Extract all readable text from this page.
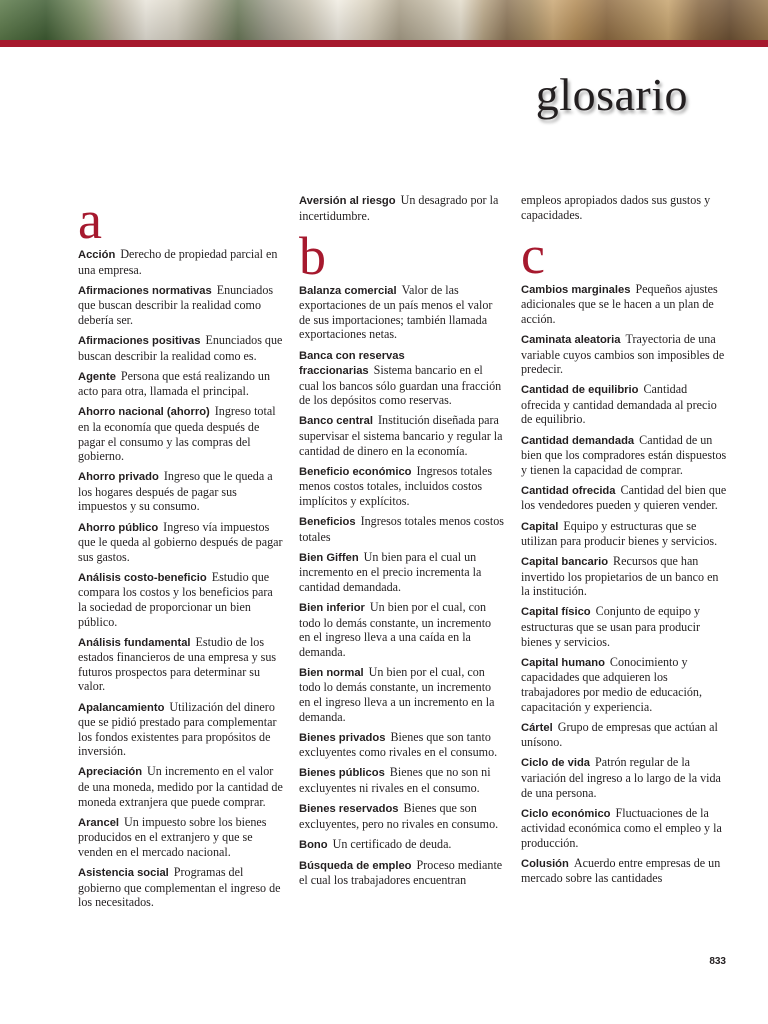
glosario
a
Acción Derecho de propiedad parcial en una empresa.
Afirmaciones normativas Enunciados que buscan describir la realidad como debería ser.
Afirmaciones positivas Enunciados que buscan describir la realidad como es.
Agente Persona que está realizando un acto para otra, llamada el principal.
Ahorro nacional (ahorro) Ingreso total en la economía que queda después de pagar el consumo y las compras del gobierno.
Ahorro privado Ingreso que le queda a los hogares después de pagar sus impuestos y su consumo.
Ahorro público Ingreso vía impuestos que le queda al gobierno después de pagar sus gastos.
Análisis costo-beneficio Estudio que compara los costos y los beneficios para la sociedad de proporcionar un bien público.
Análisis fundamental Estudio de los estados financieros de una empresa y sus futuros prospectos para determinar su valor.
Apalancamiento Utilización del dinero que se pidió prestado para complementar los fondos existentes para propósitos de inversión.
Apreciación Un incremento en el valor de una moneda, medido por la cantidad de moneda extranjera que puede comprar.
Arancel Un impuesto sobre los bienes producidos en el extranjero y que se venden en el mercado nacional.
Asistencia social Programas del gobierno que complementan el ingreso de los necesitados.
Aversión al riesgo Un desagrado por la incertidumbre.
b
Balanza comercial Valor de las exportaciones de un país menos el valor de sus importaciones; también llamada exportaciones netas.
Banca con reservas fraccionarias Sistema bancario en el cual los bancos sólo guardan una fracción de los depósitos como reservas.
Banco central Institución diseñada para supervisar el sistema bancario y regular la cantidad de dinero en la economía.
Beneficio económico Ingresos totales menos costos totales, incluidos costos implícitos y explícitos.
Beneficios Ingresos totales menos costos totales
Bien Giffen Un bien para el cual un incremento en el precio incrementa la cantidad demandada.
Bien inferior Un bien por el cual, con todo lo demás constante, un incremento en el ingreso lleva a una caída en la demanda.
Bien normal Un bien por el cual, con todo lo demás constante, un incremento en el ingreso lleva a un incremento en la demanda.
Bienes privados Bienes que son tanto excluyentes como rivales en el consumo.
Bienes públicos Bienes que no son ni excluyentes ni rivales en el consumo.
Bienes reservados Bienes que son excluyentes, pero no rivales en consumo.
Bono Un certificado de deuda.
Búsqueda de empleo Proceso mediante el cual los trabajadores encuentran
empleos apropiados dados sus gustos y capacidades.
c
Cambios marginales Pequeños ajustes adicionales que se le hacen a un plan de acción.
Caminata aleatoria Trayectoria de una variable cuyos cambios son imposibles de predecir.
Cantidad de equilibrio Cantidad ofrecida y cantidad demandada al precio de equilibrio.
Cantidad demandada Cantidad de un bien que los compradores están dispuestos y tienen la capacidad de comprar.
Cantidad ofrecida Cantidad del bien que los vendedores pueden y quieren vender.
Capital Equipo y estructuras que se utilizan para producir bienes y servicios.
Capital bancario Recursos que han invertido los propietarios de un banco en la institución.
Capital físico Conjunto de equipo y estructuras que se usan para producir bienes y servicios.
Capital humano Conocimiento y capacidades que adquieren los trabajadores por medio de educación, capacitación y experiencia.
Cártel Grupo de empresas que actúan al unísono.
Ciclo de vida Patrón regular de la variación del ingreso a lo largo de la vida de una persona.
Ciclo económico Fluctuaciones de la actividad económica como el empleo y la producción.
Colusión Acuerdo entre empresas de un mercado sobre las cantidades
833
